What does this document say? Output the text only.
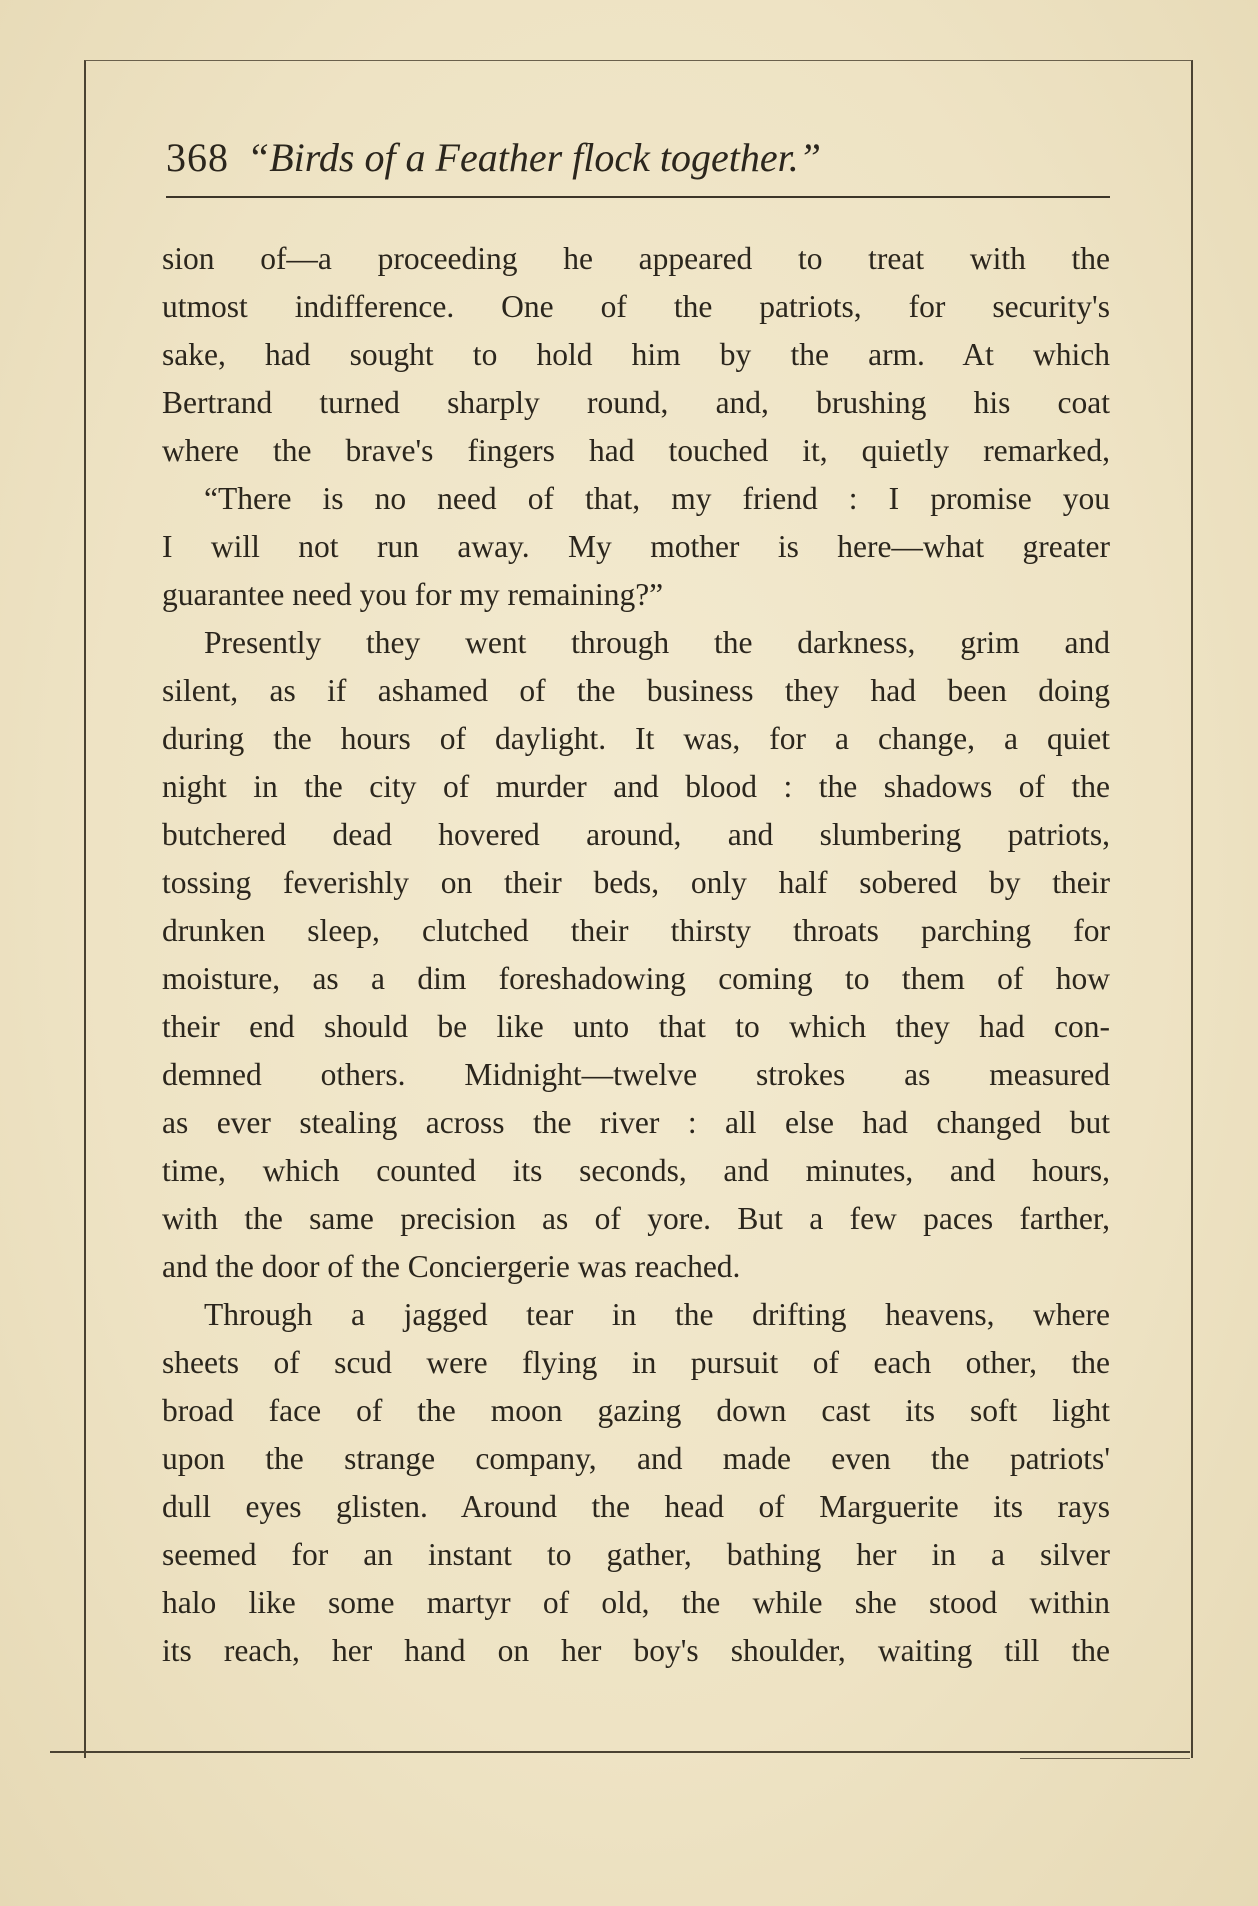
368 “Birds of a Feather flock together.”
sion of—a proceeding he appeared to treat with the
utmost indifference. One of the patriots, for security's
sake, had sought to hold him by the arm. At which
Bertrand turned sharply round, and, brushing his coat
where the brave's fingers had touched it, quietly remarked,
“There is no need of that, my friend : I promise you
I will not run away. My mother is here—what greater
guarantee need you for my remaining?”
Presently they went through the darkness, grim and
silent, as if ashamed of the business they had been doing
during the hours of daylight. It was, for a change, a quiet
night in the city of murder and blood : the shadows of the
butchered dead hovered around, and slumbering patriots,
tossing feverishly on their beds, only half sobered by their
drunken sleep, clutched their thirsty throats parching for
moisture, as a dim foreshadowing coming to them of how
their end should be like unto that to which they had con-
demned others. Midnight—twelve strokes as measured
as ever stealing across the river : all else had changed but
time, which counted its seconds, and minutes, and hours,
with the same precision as of yore. But a few paces farther,
and the door of the Conciergerie was reached.
Through a jagged tear in the drifting heavens, where
sheets of scud were flying in pursuit of each other, the
broad face of the moon gazing down cast its soft light
upon the strange company, and made even the patriots'
dull eyes glisten. Around the head of Marguerite its rays
seemed for an instant to gather, bathing her in a silver
halo like some martyr of old, the while she stood within
its reach, her hand on her boy's shoulder, waiting till the
